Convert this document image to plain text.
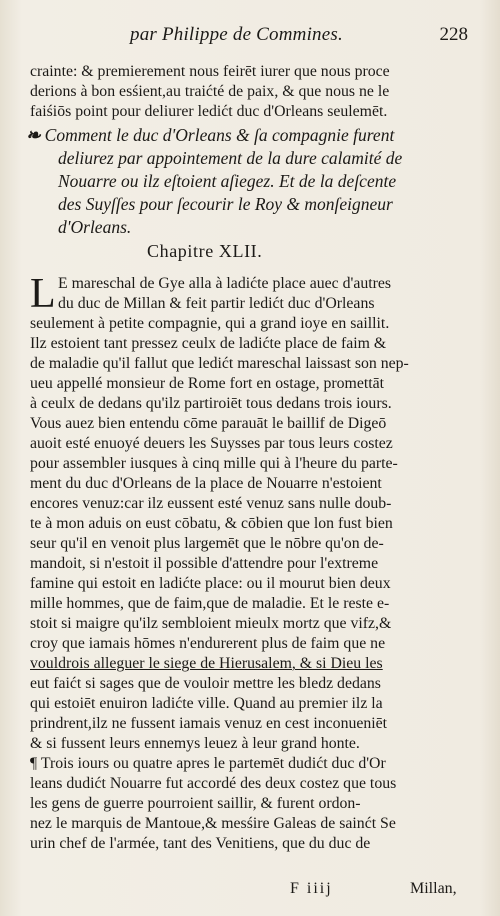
par Philippe de Commines.	228
crainte: & premierement nous feirēt iurer que nous proce
derions à bon esśient,au traićté de paix, & que nous ne le
faiśiōs point pour deliurer ledićt duc d'Orleans seulemēt.
❧ Comment le duc d'Orleans & ſa compagnie furent
deliurez par appointement de la dure calamité de
Nouarre ou ilz eſtoient aſiegez. Et de la deſcente
des Suyſſes pour ſecourir le Roy & monſeigneur
d'Orleans.
Chapitre XLII.
L E mareschal de Gye alla à ladićte place auec d'autres
du duc de Millan & feit partir ledićt duc d'Orleans
seulement à petite compagnie, qui a grand ioye en saillit.
Ilz estoient tant pressez ceulx de ladićte place de faim &
de maladie qu'il fallut que ledićt mareschal laissast son nep-
ueu appellé monsieur de Rome fort en ostage, promettāt
à ceulx de dedans qu'ilz partiroiēt tous dedans trois iours.
Vous auez bien entendu cōme parauāt le baillif de Digeō
auoit esté enuoyé deuers les Suysses par tous leurs costez
pour assembler iusques à cinq mille qui à l'heure du parte-
ment du duc d'Orleans de la place de Nouarre n'estoient
encores venuz:car ilz eussent esté venuz sans nulle doub-
te à mon aduis on eust cōbatu, & cōbien que lon fust bien
seur qu'il en venoit plus largemēt que le nōbre qu'on de-
mandoit, si n'estoit il possible d'attendre pour l'extreme
famine qui estoit en ladićte place: ou il mourut bien deux
mille hommes, que de faim,que de maladie. Et le reste e-
stoit si maigre qu'ilz sembloient mieulx mortz que vifz,&
croy que iamais hōmes n'endurerent plus de faim que ne
vouldrois alleguer le siege de Hierusalem, & si Dieu les
eut faićt si sages que de vouloir mettre les bledz dedans
qui estoiēt enuiron ladićte ville. Quand au premier ilz la
prindrent,ilz ne fussent iamais venuz en cest inconueniēt
& si fussent leurs ennemys leuez à leur grand honte.
¶ Trois iours ou quatre apres le partemēt dudićt duc d'Or
leans dudićt Nouarre fut accordé des deux costez que tous
les gens de guerre pourroient saillir, & furent ordon-
nez le marquis de Mantoue,& mesśire Galeas de sainćt Se
urin chef de l'armée, tant des Venitiens, que du duc de
F iiij	Millan,
